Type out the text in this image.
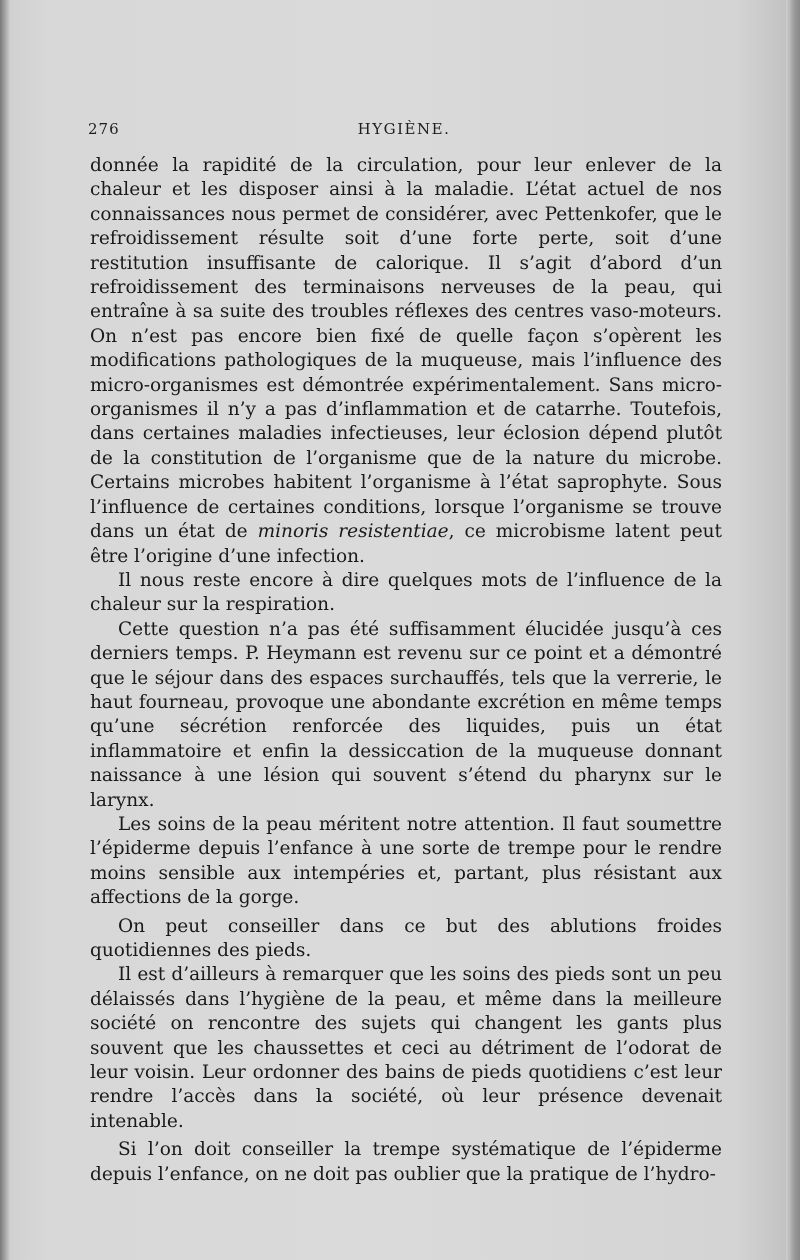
276	HYGIÈNE.

donnée la rapidité de la circulation, pour leur enlever de la chaleur et les disposer ainsi à la maladie. L’état actuel de nos connaissances nous permet de considérer, avec Pettenkofer, que le refroidissement résulte soit d’une forte perte, soit d’une restitution insuffisante de calorique. Il s’agit d’abord d’un refroidissement des terminaisons nerveuses de la peau, qui entraîne à sa suite des troubles réflexes des centres vaso-moteurs. On n’est pas encore bien fixé de quelle façon s’opèrent les modifications pathologiques de la muqueuse, mais l’influence des micro-organismes est démontrée expérimentalement. Sans micro-organismes il n’y a pas d’inflammation et de catarrhe. Toutefois, dans certaines maladies infectieuses, leur éclosion dépend plutôt de la constitution de l’organisme que de la nature du microbe. Certains microbes habitent l’organisme à l’état saprophyte. Sous l’influence de certaines conditions, lorsque l’organisme se trouve dans un état de minoris resistentiae, ce microbisme latent peut être l’origine d’une infection.

Il nous reste encore à dire quelques mots de l’influence de la chaleur sur la respiration.

Cette question n’a pas été suffisamment élucidée jusqu’à ces derniers temps. P. Heymann est revenu sur ce point et a démontré que le séjour dans des espaces surchauffés, tels que la verrerie, le haut fourneau, provoque une abondante excrétion en même temps qu’une sécrétion renforcée des liquides, puis un état inflammatoire et enfin la dessiccation de la muqueuse donnant naissance à une lésion qui souvent s’étend du pharynx sur le larynx.

Les soins de la peau méritent notre attention. Il faut soumettre l’épiderme depuis l’enfance à une sorte de trempe pour le rendre moins sensible aux intempéries et, partant, plus résistant aux affections de la gorge.

On peut conseiller dans ce but des ablutions froides quotidiennes des pieds.

Il est d’ailleurs à remarquer que les soins des pieds sont un peu délaissés dans l’hygiène de la peau, et même dans la meilleure société on rencontre des sujets qui changent les gants plus souvent que les chaussettes et ceci au détriment de l’odorat de leur voisin. Leur ordonner des bains de pieds quotidiens c’est leur rendre l’accès dans la société, où leur présence devenait intenable.

Si l’on doit conseiller la trempe systématique de l’épiderme depuis l’enfance, on ne doit pas oublier que la pratique de l’hydro-
